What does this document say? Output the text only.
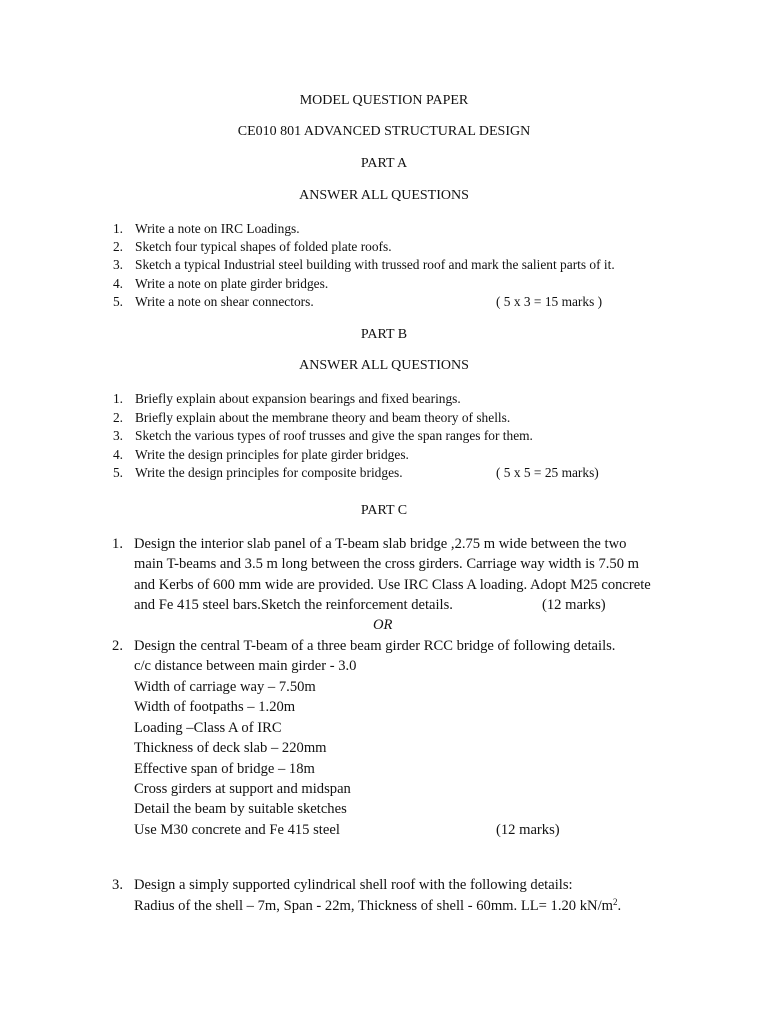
MODEL QUESTION PAPER
CE010 801 ADVANCED STRUCTURAL DESIGN
PART A
ANSWER ALL QUESTIONS
1. Write a note on IRC Loadings.
2. Sketch four typical shapes of folded plate roofs.
3. Sketch a typical Industrial steel building with trussed roof and mark the salient parts of it.
4. Write a note on plate girder bridges.
5. Write a note on shear connectors.	( 5 x 3 = 15 marks )
PART B
ANSWER ALL QUESTIONS
1. Briefly explain about expansion bearings and fixed bearings.
2. Briefly explain about the membrane theory and beam theory of shells.
3. Sketch the various types of roof trusses and give the span ranges for them.
4. Write the design principles for plate girder bridges.
5. Write the design principles for composite bridges.	( 5 x 5 = 25 marks)
PART C
1. Design the interior slab panel of a T-beam slab bridge ,2.75 m wide between the two
main T-beams and 3.5 m long between the cross girders. Carriage way width is 7.50 m
and Kerbs of 600 mm wide are provided. Use IRC Class A loading. Adopt M25 concrete
and Fe 415 steel bars.Sketch the reinforcement details.	(12 marks)
OR
2. Design the central T-beam of a three beam girder RCC bridge of following details.
c/c distance between main girder - 3.0
Width of carriage way – 7.50m
Width of footpaths – 1.20m
Loading –Class A of IRC
Thickness of deck slab – 220mm
Effective span of bridge – 18m
Cross girders at support and midspan
Detail the beam by suitable sketches
Use M30 concrete and Fe 415 steel	(12 marks)
3. Design a simply supported cylindrical shell roof with the following details:
Radius of the shell – 7m, Span - 22m, Thickness of shell - 60mm. LL= 1.20 $kN/m^2$.
